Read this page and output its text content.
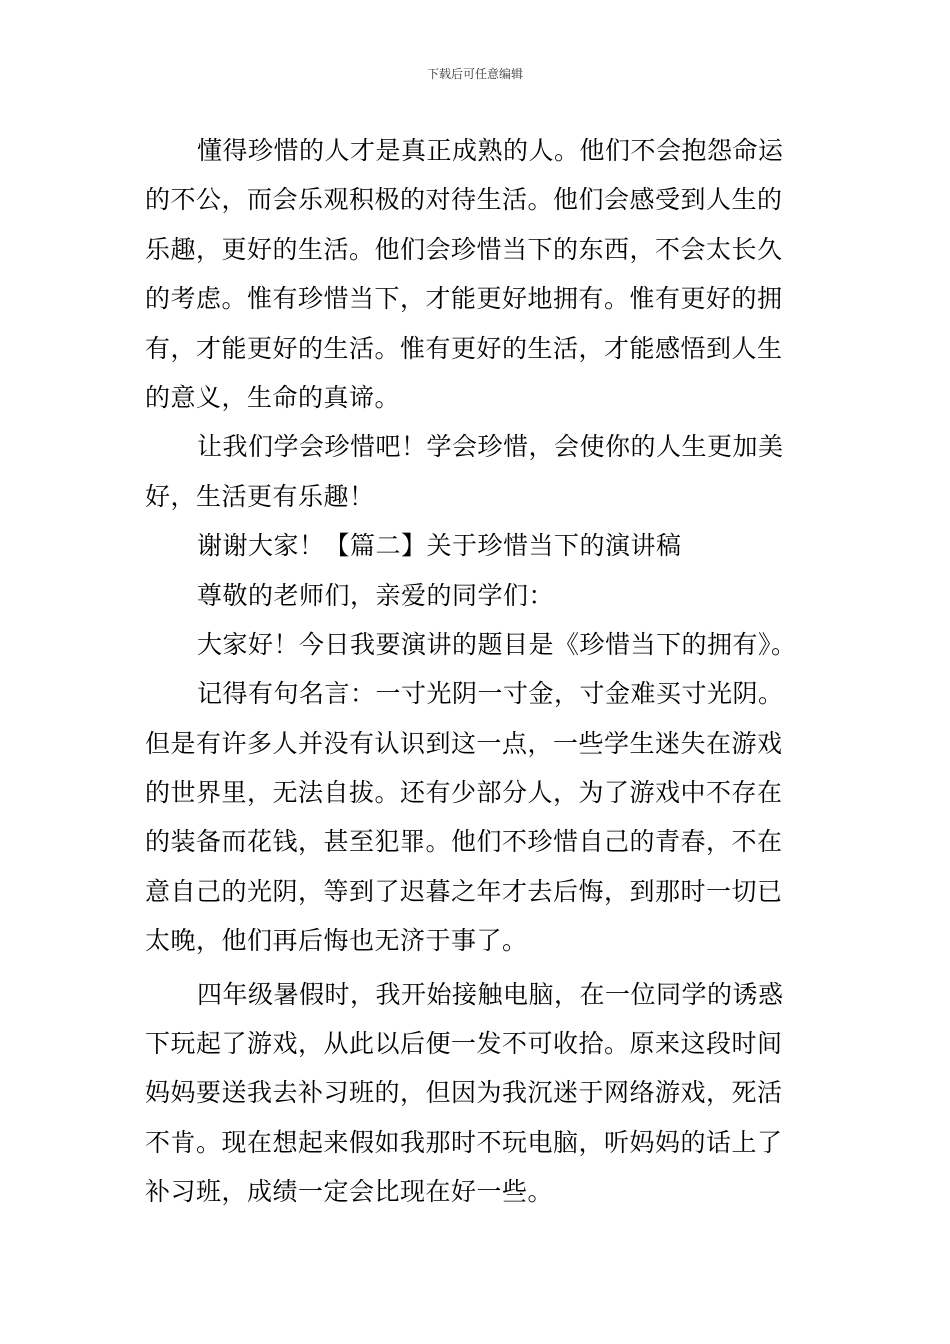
下载后可任意编辑
懂得珍惜的人才是真正成熟的人。他们不会抱怨命运
的不公，而会乐观积极的对待生活。他们会感受到人生的
乐趣，更好的生活。他们会珍惜当下的东西，不会太长久
的考虑。惟有珍惜当下，才能更好地拥有。惟有更好的拥
有，才能更好的生活。惟有更好的生活，才能感悟到人生
的意义，生命的真谛。
让我们学会珍惜吧！学会珍惜，会使你的人生更加美
好，生活更有乐趣！
谢谢大家！【篇二】关于珍惜当下的演讲稿
尊敬的老师们，亲爱的同学们：
大家好！今日我要演讲的题目是《珍惜当下的拥有》。
记得有句名言：一寸光阴一寸金，寸金难买寸光阴。
但是有许多人并没有认识到这一点，一些学生迷失在游戏
的世界里，无法自拔。还有少部分人，为了游戏中不存在
的装备而花钱，甚至犯罪。他们不珍惜自己的青春，不在
意自己的光阴，等到了迟暮之年才去后悔，到那时一切已
太晚，他们再后悔也无济于事了。
四年级暑假时，我开始接触电脑，在一位同学的诱惑
下玩起了游戏，从此以后便一发不可收拾。原来这段时间
妈妈要送我去补习班的，但因为我沉迷于网络游戏，死活
不肯。现在想起来假如我那时不玩电脑，听妈妈的话上了
补习班，成绩一定会比现在好一些。
